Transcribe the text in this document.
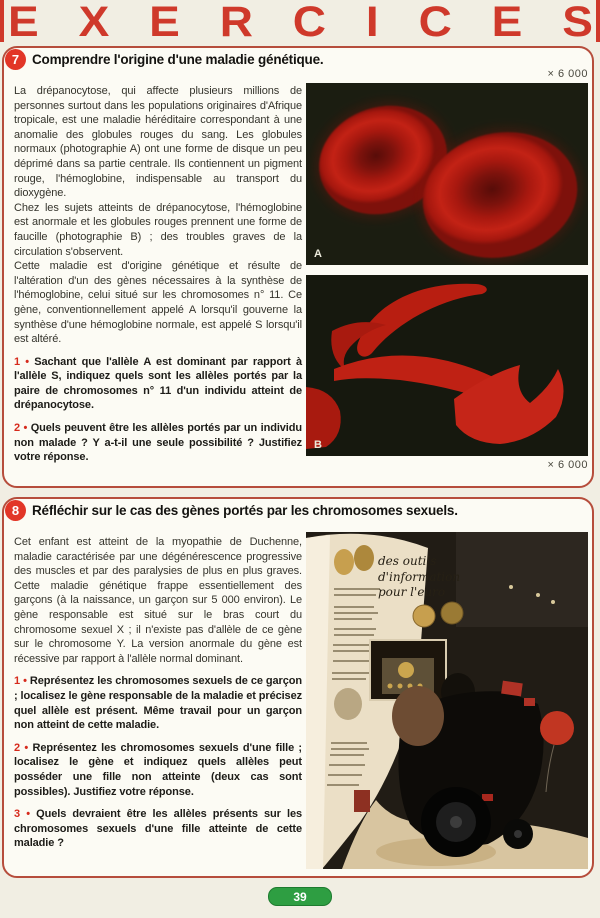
E X E R C I C E S
7 Comprendre l'origine d'une maladie génétique.

La drépanocytose, qui affecte plusieurs millions de personnes surtout dans les populations originaires d'Afrique tropicale, est une maladie héréditaire correspondant à une anomalie des globules rouges du sang. Les globules normaux (photographie A) ont une forme de disque un peu déprimé dans sa partie centrale. Ils contiennent un pigment rouge, l'hémoglobine, indispensable au transport du dioxygène.

Chez les sujets atteints de drépanocytose, l'hémoglobine est anormale et les globules rouges prennent une forme de faucille (photographie B) ; des troubles graves de la circulation s'observent.

Cette maladie est d'origine génétique et résulte de l'altération d'un des gènes nécessaires à la synthèse de l'hémoglobine, celui situé sur les chromosomes n° 11. Ce gène, conventionnellement appelé A lorsqu'il gouverne la synthèse d'une hémoglobine normale, est appelé S lorsqu'il est altéré.

1 • Sachant que l'allèle A est dominant par rapport à l'allèle S, indiquez quels sont les allèles portés par la paire de chromosomes n° 11 d'un individu atteint de drépanocytose.

2 • Quels peuvent être les allèles portés par un individu non malade ? Y a-t-il une seule possibilité ? Justifiez votre réponse.

× 6 000
A
B
× 6 000
8 Réfléchir sur le cas des gènes portés par les chromosomes sexuels.

Cet enfant est atteint de la myopathie de Duchenne, maladie caractérisée par une dégénérescence progressive des muscles et par des paralysies de plus en plus graves. Cette maladie génétique frappe essentiellement des garçons (à la naissance, un garçon sur 5 000 environ). Le gène responsable est situé sur le bras court du chromosome sexuel X ; il n'existe pas d'allèle de ce gène sur le chromosome Y. La version anormale du gène est récessive par rapport à l'allèle normal dominant.

1 • Représentez les chromosomes sexuels de ce garçon ; localisez le gène responsable de la maladie et précisez quel allèle est présent. Même travail pour un garçon non atteint de cette maladie.

2 • Représentez les chromosomes sexuels d'une fille ; localisez le gène et indiquez quels allèles peut posséder une fille non atteinte (deux cas sont possibles). Justifiez votre réponse.

3 • Quels devraient être les allèles présents sur les chromosomes sexuels d'une fille atteinte de cette maladie ?

des outils
d'information
pour l'euro
39
